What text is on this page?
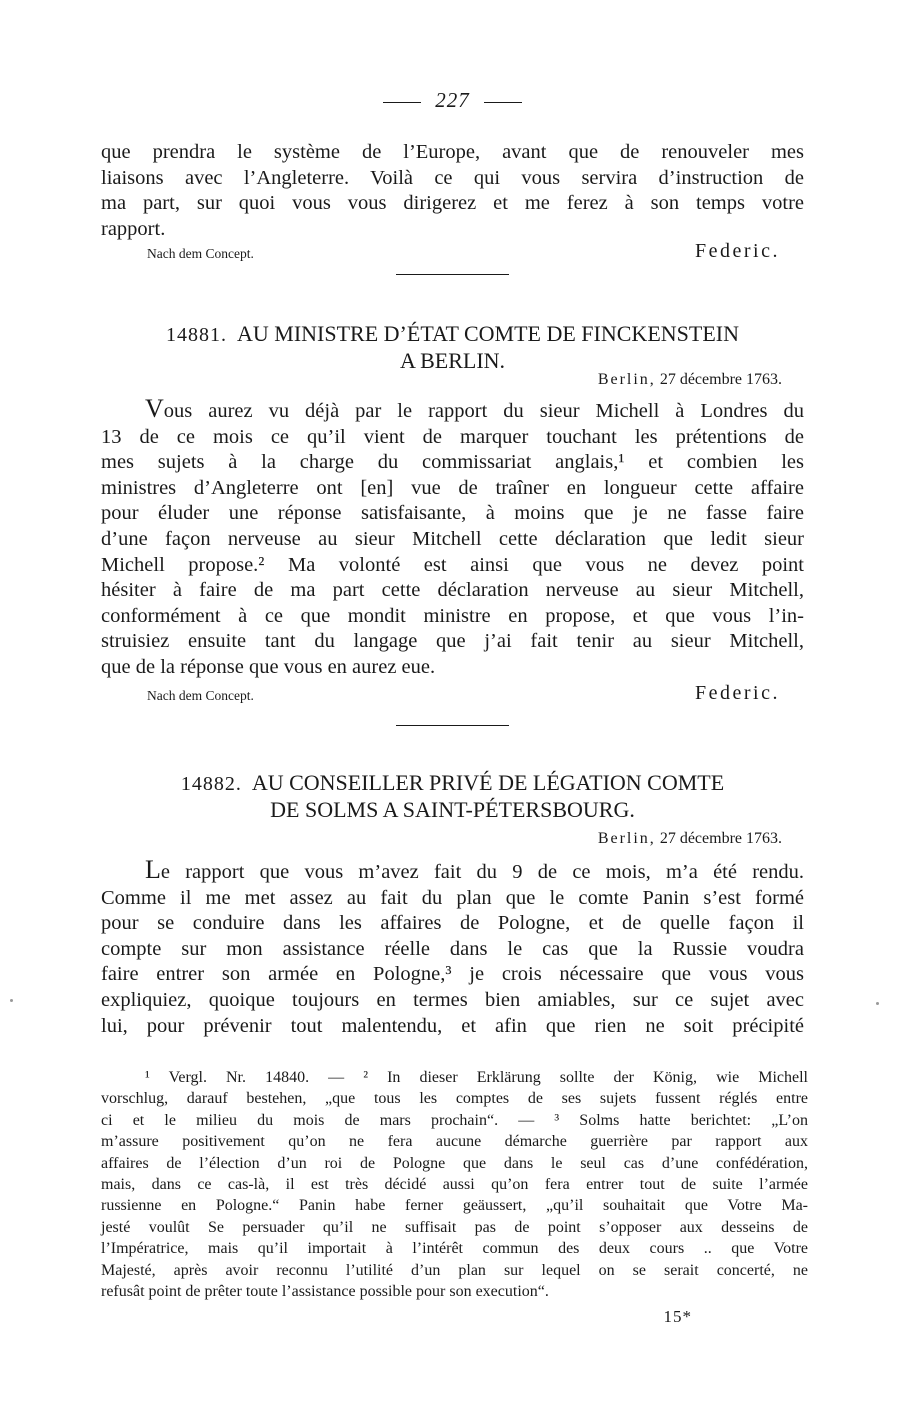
227
que prendra le système de l’Europe, avant que de renouveler mes
liaisons avec l’Angleterre. Voilà ce qui vous servira d’instruction de
ma part, sur quoi vous vous dirigerez et me ferez à son temps votre
rapport.
Nach dem Concept.	Federic.
14881. AU MINISTRE D’ÉTAT COMTE DE FINCKENSTEIN
A BERLIN.
Berlin, 27 décembre 1763.
Vous aurez vu déjà par le rapport du sieur Michell à Londres du
13 de ce mois ce qu’il vient de marquer touchant les prétentions de
mes sujets à la charge du commissariat anglais,¹ et combien les
ministres d’Angleterre ont [en] vue de traîner en longueur cette affaire
pour éluder une réponse satisfaisante, à moins que je ne fasse faire
d’une façon nerveuse au sieur Mitchell cette déclaration que ledit sieur
Michell propose.² Ma volonté est ainsi que vous ne devez point
hésiter à faire de ma part cette déclaration nerveuse au sieur Mitchell,
conformément à ce que mondit ministre en propose, et que vous l’in-
struisiez ensuite tant du langage que j’ai fait tenir au sieur Mitchell,
que de la réponse que vous en aurez eue.
Nach dem Concept.	Federic.
14882. AU CONSEILLER PRIVÉ DE LÉGATION COMTE
DE SOLMS A SAINT-PÉTERSBOURG.
Berlin, 27 décembre 1763.
Le rapport que vous m’avez fait du 9 de ce mois, m’a été rendu.
Comme il me met assez au fait du plan que le comte Panin s’est formé
pour se conduire dans les affaires de Pologne, et de quelle façon il
compte sur mon assistance réelle dans le cas que la Russie voudra
faire entrer son armée en Pologne,³ je crois nécessaire que vous vous
expliquiez, quoique toujours en termes bien amiables, sur ce sujet avec
lui, pour prévenir tout malentendu, et afin que rien ne soit précipité
¹ Vergl. Nr. 14840. — ² In dieser Erklärung sollte der König, wie Michell
vorschlug, darauf bestehen, „que tous les comptes de ses sujets fussent réglés entre
ci et le milieu du mois de mars prochain“. — ³ Solms hatte berichtet: „L’on
m’assure positivement qu’on ne fera aucune démarche guerrière par rapport aux
affaires de l’élection d’un roi de Pologne que dans le seul cas d’une confédération,
mais, dans ce cas-là, il est très décidé aussi qu’on fera entrer tout de suite l’armée
russienne en Pologne.“ Panin habe ferner geäussert, „qu’il souhaitait que Votre Ma-
jesté voulût Se persuader qu’il ne suffisait pas de point s’opposer aux desseins de
l’Impératrice, mais qu’il importait à l’intérêt commun des deux cours .. que Votre
Majesté, après avoir reconnu l’utilité d’un plan sur lequel on se serait concerté, ne
refusât point de prêter toute l’assistance possible pour son execution“.
15*
